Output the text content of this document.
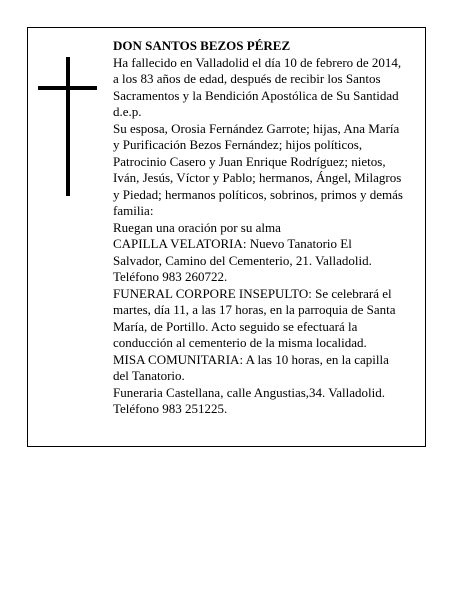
DON SANTOS BEZOS PÉREZ
Ha fallecido en Valladolid el día 10 de febrero de 2014,
a los 83 años de edad, después de recibir los Santos
Sacramentos y la Bendición Apostólica de Su Santidad
d.e.p.
Su esposa, Orosia Fernández Garrote; hijas, Ana María
y Purificación Bezos Fernández; hijos políticos,
Patrocinio Casero y Juan Enrique Rodríguez; nietos,
Iván, Jesús, Víctor y Pablo; hermanos, Ángel, Milagros
y Piedad; hermanos políticos, sobrinos, primos y demás
familia:
Ruegan una oración por su alma
CAPILLA VELATORIA: Nuevo Tanatorio El
Salvador, Camino del Cementerio, 21. Valladolid.
Teléfono 983 260722.
FUNERAL CORPORE INSEPULTO: Se celebrará el
martes, día 11, a las 17 horas, en la parroquia de Santa
María, de Portillo. Acto seguido se efectuará la
conducción al cementerio de la misma localidad.
MISA COMUNITARIA: A las 10 horas, en la capilla
del Tanatorio.
Funeraria Castellana, calle Angustias,34. Valladolid.
Teléfono 983 251225.
